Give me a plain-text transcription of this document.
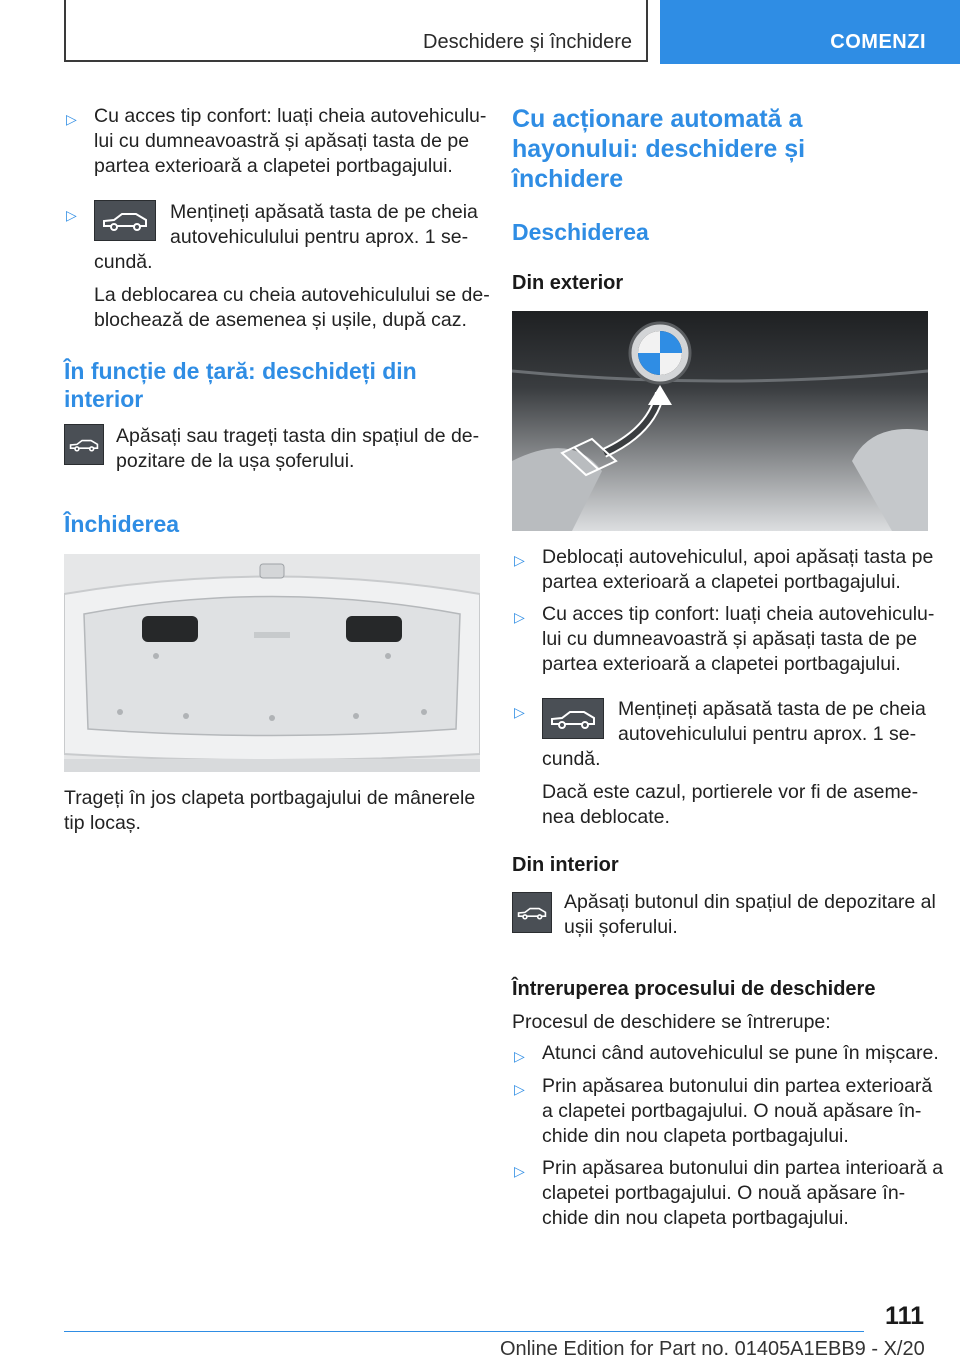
Deschidere și închidere	COMENZI
▷ Cu acces tip confort: luați cheia autovehiculu-
lui cu dumneavoastră și apăsați tasta de pe
partea exterioară a clapetei portbagajului.
▷	Mențineți apăsată tasta de pe cheia
autovehiculului pentru aprox. 1 se-
cundă.
La deblocarea cu cheia autovehiculului se de-
blochează de asemenea și ușile, după caz.
În funcție de țară: deschideți din
interior
Apăsați sau trageți tasta din spațiul de de-
pozitare de la ușa șoferului.
Închiderea
Trageți în jos clapeta portbagajului de mânerele
tip locaș.
Cu acționare automată a
hayonului: deschidere și
închidere
Deschiderea
Din exterior
▷ Deblocați autovehiculul, apoi apăsați tasta pe
partea exterioară a clapetei portbagajului.
▷ Cu acces tip confort: luați cheia autovehiculu-
lui cu dumneavoastră și apăsați tasta de pe
partea exterioară a clapetei portbagajului.
▷	Mențineți apăsată tasta de pe cheia
autovehiculului pentru aprox. 1 se-
cundă.
Dacă este cazul, portierele vor fi de aseme-
nea deblocate.
Din interior
Apăsați butonul din spațiul de depozitare al
ușii șoferului.
Întreruperea procesului de deschidere
Procesul de deschidere se întrerupe:
▷ Atunci când autovehiculul se pune în mișcare.
▷ Prin apăsarea butonului din partea exterioară
a clapetei portbagajului. O nouă apăsare în-
chide din nou clapeta portbagajului.
▷ Prin apăsarea butonului din partea interioară a
clapetei portbagajului. O nouă apăsare în-
chide din nou clapeta portbagajului.
111
Online Edition for Part no. 01405A1EBB9 - X/20
